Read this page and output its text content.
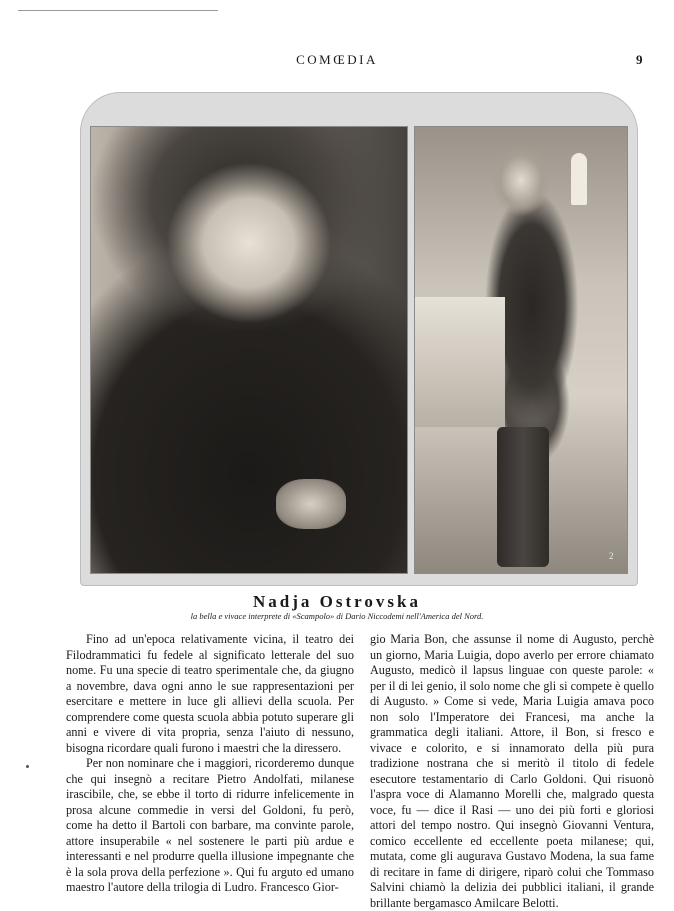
COMŒDIA	9
2
Nadja Ostrovska
la bella e vivace interprete di «Scampolo» di Dario Niccodemi nell'America del Nord.

Fino ad un'epoca relativamente vicina, il teatro dei Filodrammatici fu fedele al significato letterale del suo nome. Fu una specie di teatro sperimentale che, da giugno a novembre, dava ogni anno le sue rappresentazioni per esercitare e mettere in luce gli allievi della scuola. Per comprendere come questa scuola abbia potuto superare gli anni e vivere di vita propria, senza l'aiuto di nessuno, bisogna ricordare quali furono i maestri che la diressero.

Per non nominare che i maggiori, ricorderemo dunque che qui insegnò a recitare Pietro Andolfati, milanese irascibile, che, se ebbe il torto di ridurre infelicemente in prosa alcune commedie in versi del Goldoni, fu però, come ha detto il Bartoli con barbare, ma convinte parole, attore insuperabile « nel sostenere le parti più ardue e interessanti e nel produrre quella illusione impegnante che è la sola prova della perfezione ». Qui fu arguto ed umano maestro l'autore della trilogia di Ludro. Francesco Gior-

gio Maria Bon, che assunse il nome di Augusto, perchè un giorno, Maria Luigia, dopo averlo per errore chiamato Augusto, medicò il lapsus linguae con queste parole: « per il di lei genio, il solo nome che gli si compete è quello di Augusto. » Come si vede, Maria Luigia amava poco non solo l'Imperatore dei Francesi, ma anche la grammatica degli italiani. Attore, il Bon, si fresco e vivace e colorito, e si innamorato della più pura tradizione nostrana che si meritò il titolo di fedele esecutore testamentario di Carlo Goldoni. Qui risuonò l'aspra voce di Alamanno Morelli che, malgrado questa voce, fu — dice il Rasi — uno dei più forti e gloriosi attori del tempo nostro. Qui insegnò Giovanni Ventura, comico eccellente ed eccellente poeta milanese; qui, mutata, come gli augurava Gustavo Modena, la sua fame di recitare in fame di dirigere, riparò colui che Tommaso Salvini chiamò la delizia dei pubblici italiani, il grande brillante bergamasco Amilcare Belotti.
